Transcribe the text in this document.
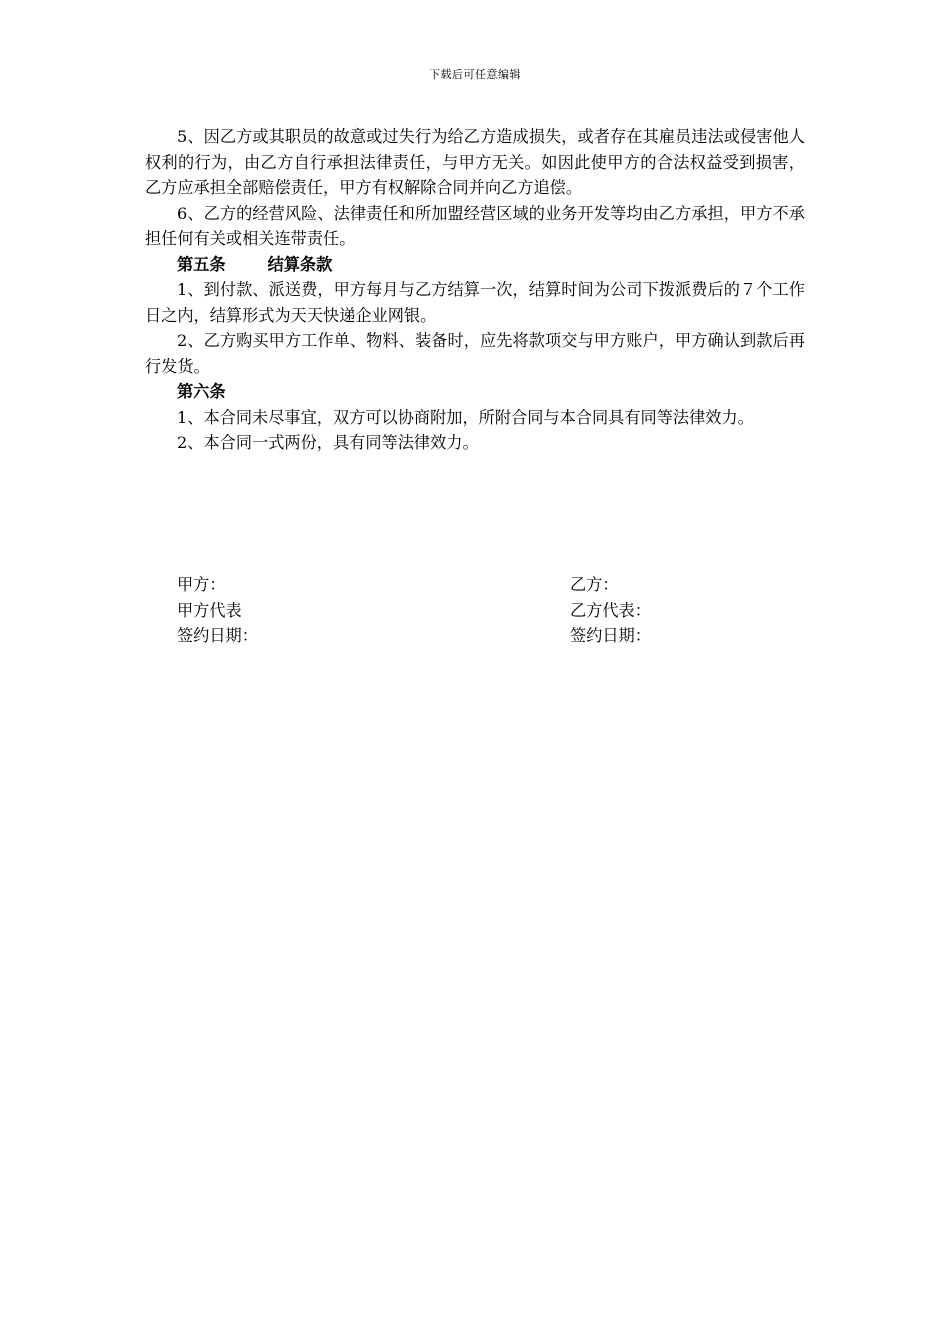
下载后可任意编辑

5、因乙方或其职员的故意或过失行为给乙方造成损失，或者存在其雇员违法或侵害他人权利的行为，由乙方自行承担法律责任，与甲方无关。如因此使甲方的合法权益受到损害，乙方应承担全部赔偿责任，甲方有权解除合同并向乙方追偿。

6、乙方的经营风险、法律责任和所加盟经营区域的业务开发等均由乙方承担，甲方不承担任何有关或相关连带责任。

第五条	结算条款

1、到付款、派送费，甲方每月与乙方结算一次，结算时间为公司下拨派费后的７个工作日之内，结算形式为天天快递企业网银。

2、乙方购买甲方工作单、物料、装备时，应先将款项交与甲方账户，甲方确认到款后再行发货。

第六条

1、本合同未尽事宜，双方可以协商附加，所附合同与本合同具有同等法律效力。

2、本合同一式两份，具有同等法律效力。

甲方：
甲方代表
签约日期：
乙方：
乙方代表：
签约日期：
